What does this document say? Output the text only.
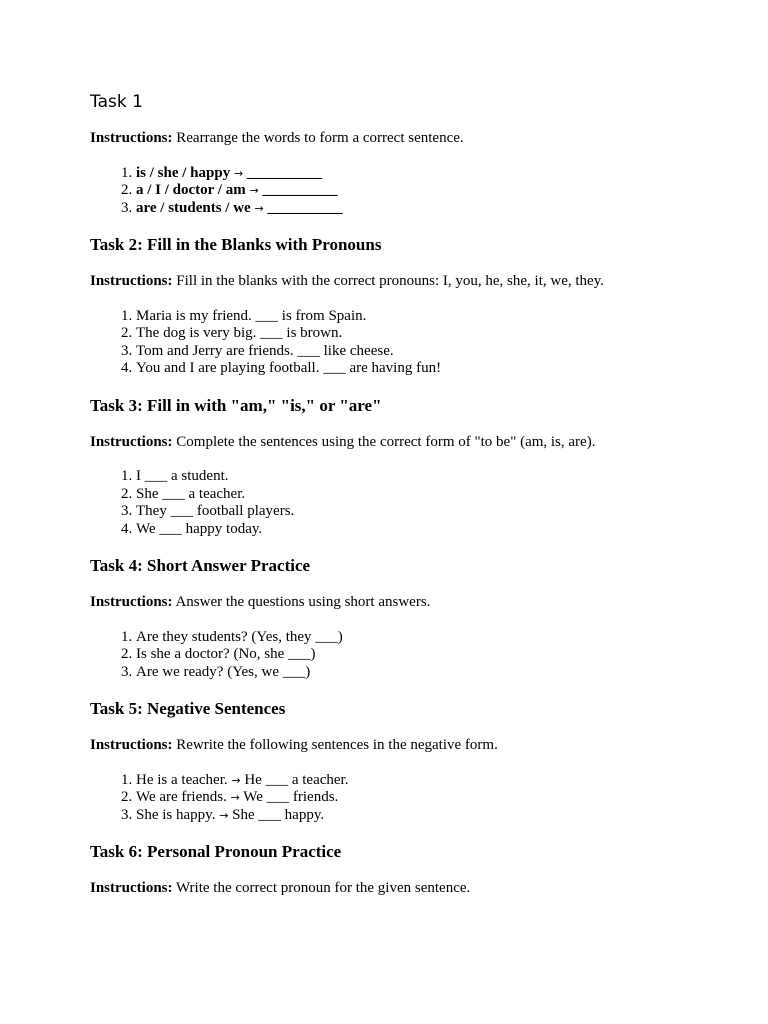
Task 1

Instructions: Rearrange the words to form a correct sentence.

1. is / she / happy → __________
2. a / I / doctor / am → __________
3. are / students / we → __________
Task 2: Fill in the Blanks with Pronouns

Instructions: Fill in the blanks with the correct pronouns: I, you, he, she, it, we, they.

1. Maria is my friend. ___ is from Spain.
2. The dog is very big. ___ is brown.
3. Tom and Jerry are friends. ___ like cheese.
4. You and I are playing football. ___ are having fun!
Task 3: Fill in with "am," "is," or "are"

Instructions: Complete the sentences using the correct form of "to be" (am, is, are).

1. I ___ a student.
2. She ___ a teacher.
3. They ___ football players.
4. We ___ happy today.
Task 4: Short Answer Practice

Instructions: Answer the questions using short answers.

1. Are they students? (Yes, they ___)
2. Is she a doctor? (No, she ___)
3. Are we ready? (Yes, we ___)
Task 5: Negative Sentences

Instructions: Rewrite the following sentences in the negative form.

1. He is a teacher. → He ___ a teacher.
2. We are friends. → We ___ friends.
3. She is happy. → She ___ happy.
Task 6: Personal Pronoun Practice

Instructions: Write the correct pronoun for the given sentence.
